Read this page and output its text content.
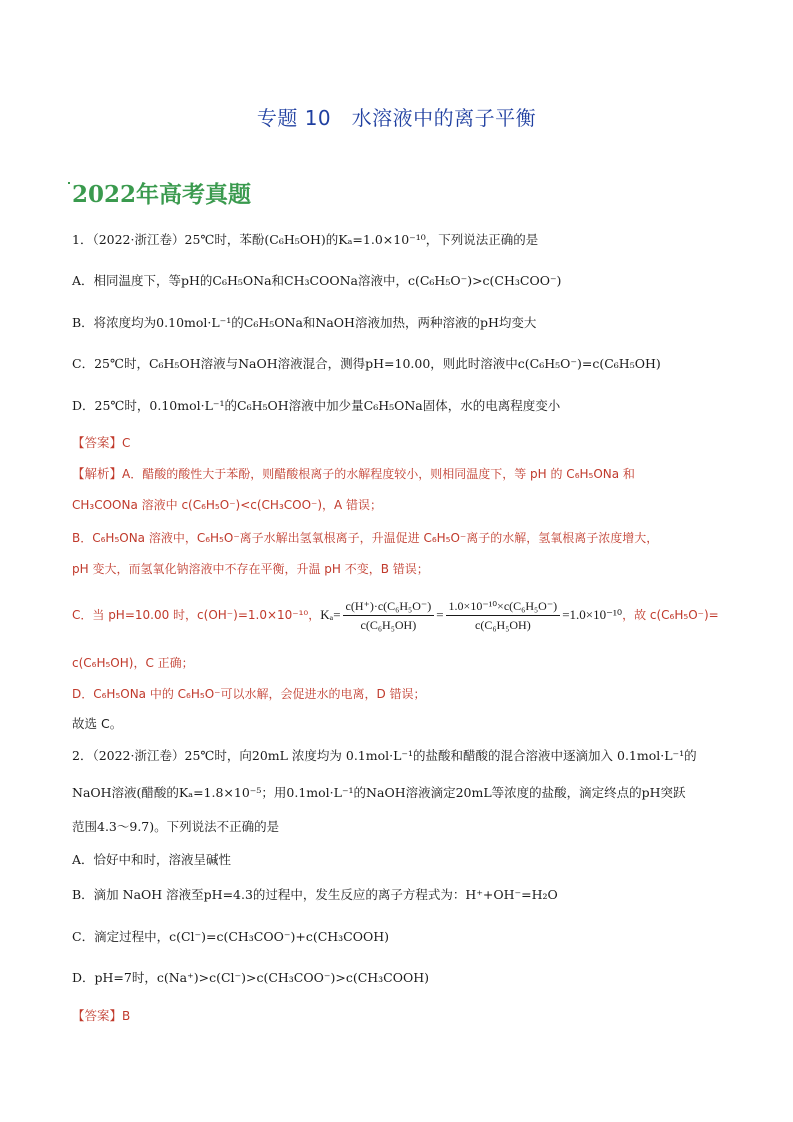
专题 10　水溶液中的离子平衡
2022年高考真题
1．（2022·浙江卷）25℃时，苯酚(C₆H₅OH)的Kₐ=1.0×10⁻¹⁰，下列说法正确的是
A．相同温度下，等pH的C₆H₅ONa和CH₃COONa溶液中，c(C₆H₅O⁻)>c(CH₃COO⁻)
B．将浓度均为0.10mol·L⁻¹的C₆H₅ONa和NaOH溶液加热，两种溶液的pH均变大
C．25℃时，C₆H₅OH溶液与NaOH溶液混合，测得pH=10.00，则此时溶液中c(C₆H₅O⁻)=c(C₆H₅OH)
D．25℃时，0.10mol·L⁻¹的C₆H₅OH溶液中加少量C₆H₅ONa固体，水的电离程度变小
【答案】C
【解析】A．醋酸的酸性大于苯酚，则醋酸根离子的水解程度较小，则相同温度下，等 pH 的 C₆H₅ONa 和
CH₃COONa 溶液中 c(C₆H₅O⁻)<c(CH₃COO⁻)，A 错误；
B．C₆H₅ONa 溶液中，C₆H₅O⁻离子水解出氢氧根离子，升温促进 C₆H₅O⁻离子的水解，氢氧根离子浓度增大，
pH 变大，而氢氧化钠溶液中不存在平衡，升温 pH 不变，B 错误；
C．当 pH=10.00 时，c(OH⁻)=1.0×10⁻¹⁰，$K_a= \frac{\text{c(H⁺)·c(C₆H₅O⁻)}}{\text{c(C₆H₅OH)}} = \frac{\text{1.0×10⁻¹⁰×c(C₆H₅O⁻)}}{\text{c(C₆H₅OH)}} =1.0\times 10^{-10}$，故 c(C₆H₅O⁻)=
c(C₆H₅OH)，C 正确；
D．C₆H₅ONa 中的 C₆H₅O⁻可以水解，会促进水的电离，D 错误；
故选 C。
2．（2022·浙江卷）25℃时，向20mL 浓度均为 0.1mol·L⁻¹的盐酸和醋酸的混合溶液中逐滴加入 0.1mol·L⁻¹的
NaOH溶液(醋酸的Kₐ=1.8×10⁻⁵；用0.1mol·L⁻¹的NaOH溶液滴定20mL等浓度的盐酸，滴定终点的pH突跃
范围4.3～9.7)。下列说法不正确的是
A．恰好中和时，溶液呈碱性
B．滴加 NaOH 溶液至pH=4.3的过程中，发生反应的离子方程式为：H⁺+OH⁻=H₂O
C．滴定过程中，c(Cl⁻)=c(CH₃COO⁻)+c(CH₃COOH)
D．pH=7时，c(Na⁺)>c(Cl⁻)>c(CH₃COO⁻)>c(CH₃COOH)
【答案】B
